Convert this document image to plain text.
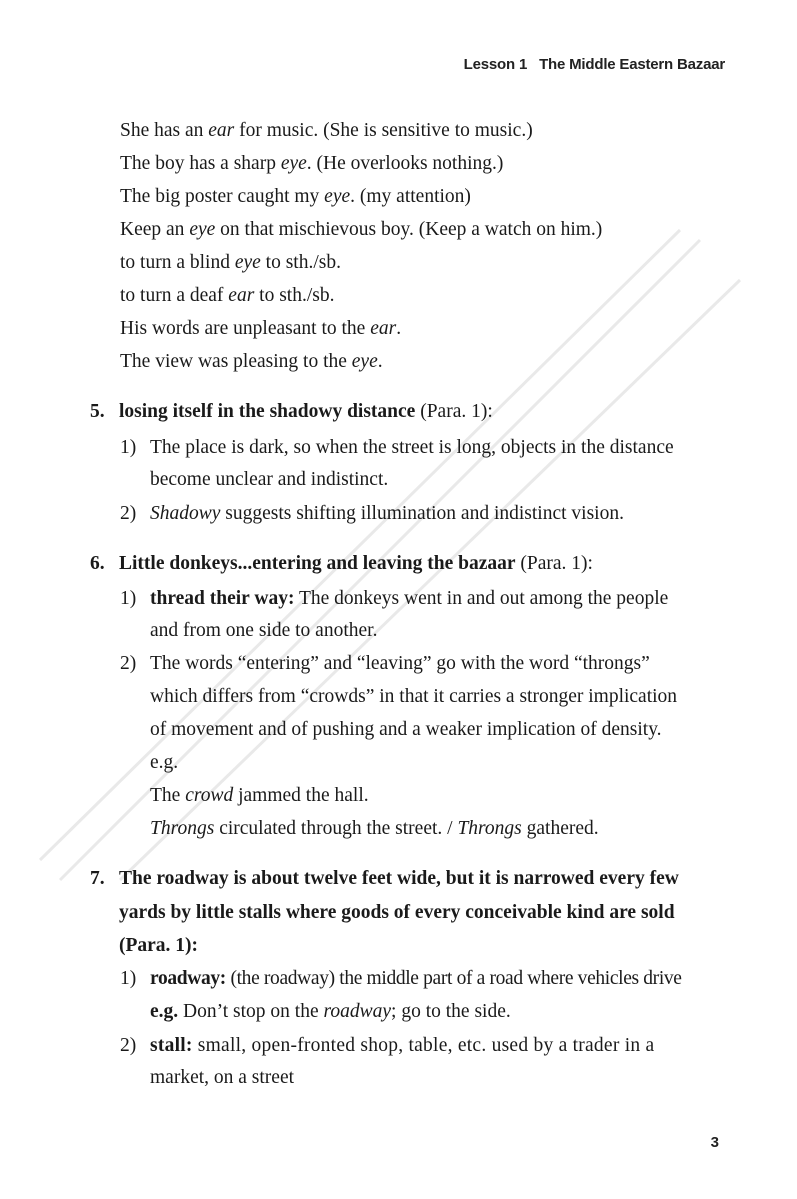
Lesson 1 The Middle Eastern Bazaar
She has an ear for music. (She is sensitive to music.)
The boy has a sharp eye. (He overlooks nothing.)
The big poster caught my eye. (my attention)
Keep an eye on that mischievous boy. (Keep a watch on him.)
to turn a blind eye to sth./sb.
to turn a deaf ear to sth./sb.
His words are unpleasant to the ear.
The view was pleasing to the eye.
5. losing itself in the shadowy distance (Para. 1):
1) The place is dark, so when the street is long, objects in the distance
become unclear and indistinct.
2) Shadowy suggests shifting illumination and indistinct vision.
6. Little donkeys...entering and leaving the bazaar (Para. 1):
1) thread their way: The donkeys went in and out among the people
and from one side to another.
2) The words “entering” and “leaving” go with the word “throngs”
which differs from “crowds” in that it carries a stronger implication
of movement and of pushing and a weaker implication of density.
e.g.
The crowd jammed the hall.
Throngs circulated through the street. / Throngs gathered.
7. The roadway is about twelve feet wide, but it is narrowed every few
yards by little stalls where goods of every conceivable kind are sold
(Para. 1):
1) roadway: (the roadway) the middle part of a road where vehicles drive
e.g. Don’t stop on the roadway; go to the side.
2) stall: small, open-fronted shop, table, etc. used by a trader in a
market, on a street
3
